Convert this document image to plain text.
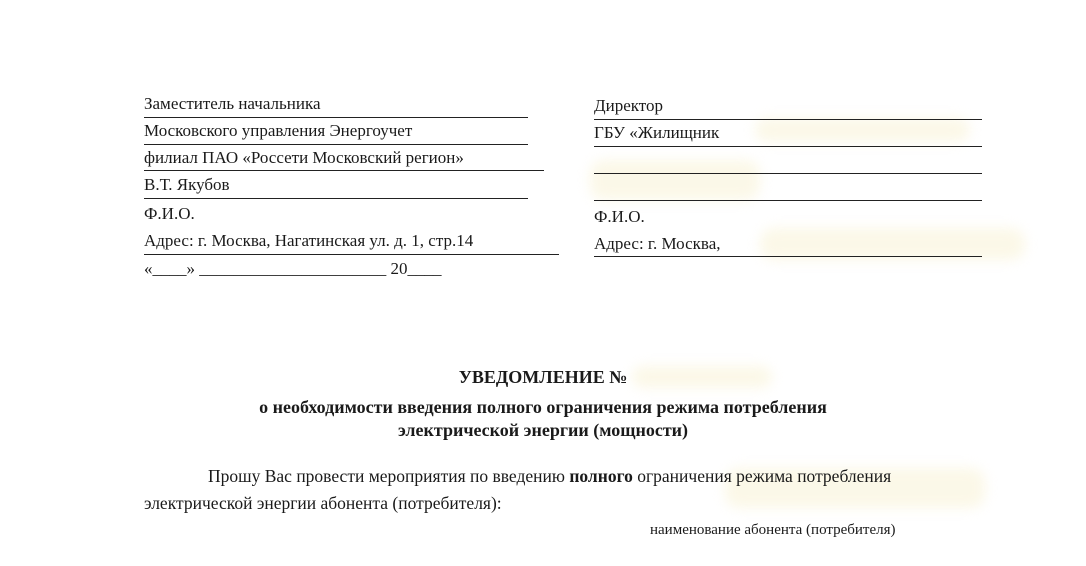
Заместитель начальника
Московского управления Энергоучет
филиал ПАО «Россети Московский регион»
В.Т. Якубов
Ф.И.О.
Адрес: г. Москва, Нагатинская ул. д. 1, стр.14
«____» ______________________ 20____
Директор
ГБУ «Жилищник
Ф.И.О.
Адрес: г. Москва,
УВЕДОМЛЕНИЕ №
о необходимости введения полного ограничения режима потребления
электрической энергии (мощности)
Прошу Вас провести мероприятия по введению полного ограничения режима потребления
электрической энергии абонента (потребителя):
наименование абонента (потребителя)
